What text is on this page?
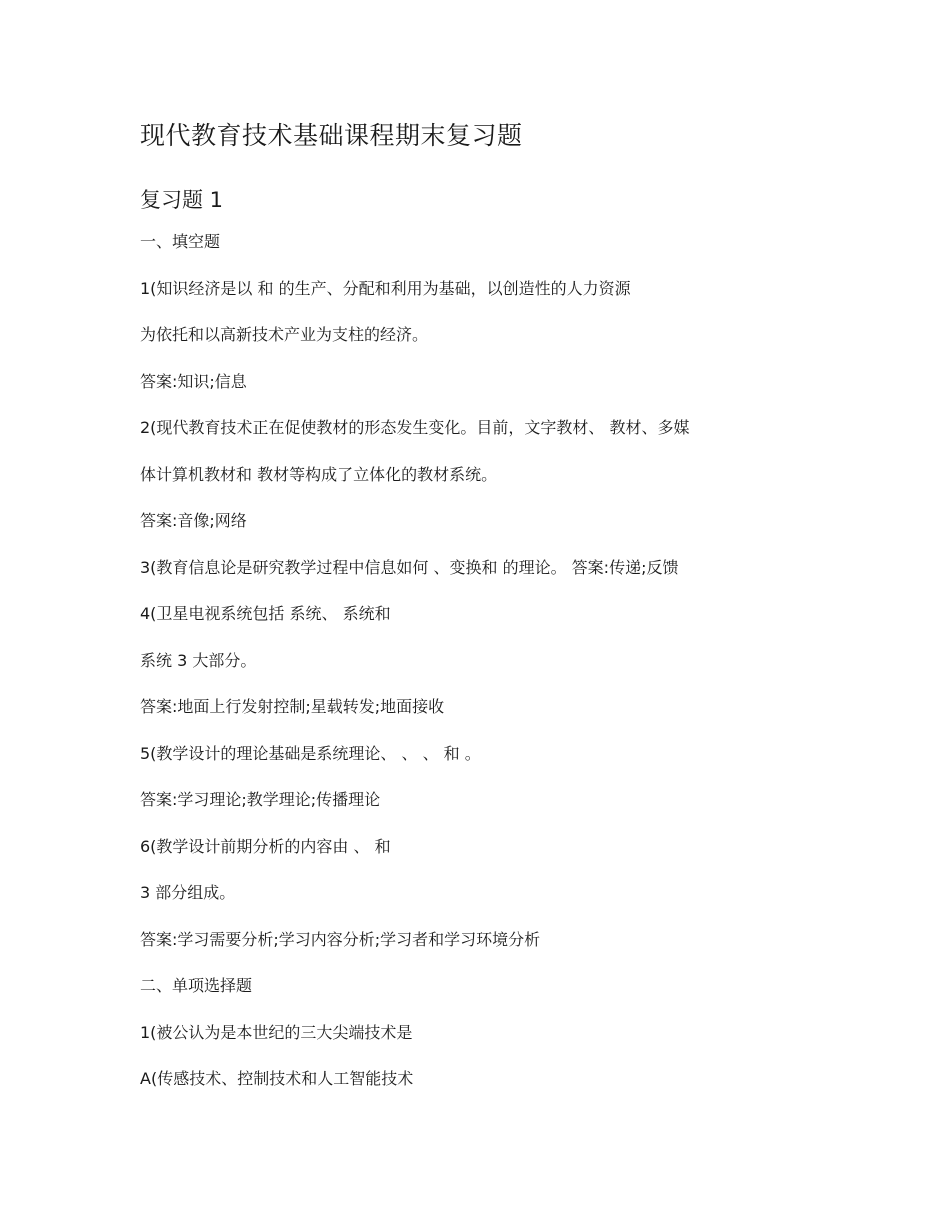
现代教育技术基础课程期末复习题
复习题 1
一、填空题
1(知识经济是以 和 的生产、分配和利用为基础，以创造性的人力资源
为依托和以高新技术产业为支柱的经济。
答案:知识;信息
2(现代教育技术正在促使教材的形态发生变化。目前，文字教材、 教材、多媒
体计算机教材和 教材等构成了立体化的教材系统。
答案:音像;网络
3(教育信息论是研究教学过程中信息如何 、变换和 的理论。 答案:传递;反馈
4(卫星电视系统包括 系统、 系统和
系统 3 大部分。
答案:地面上行发射控制;星载转发;地面接收
5(教学设计的理论基础是系统理论、 、 、 和 。
答案:学习理论;教学理论;传播理论
6(教学设计前期分析的内容由 、 和
3 部分组成。
答案:学习需要分析;学习内容分析;学习者和学习环境分析
二、单项选择题
1(被公认为是本世纪的三大尖端技术是
A(传感技术、控制技术和人工智能技术
